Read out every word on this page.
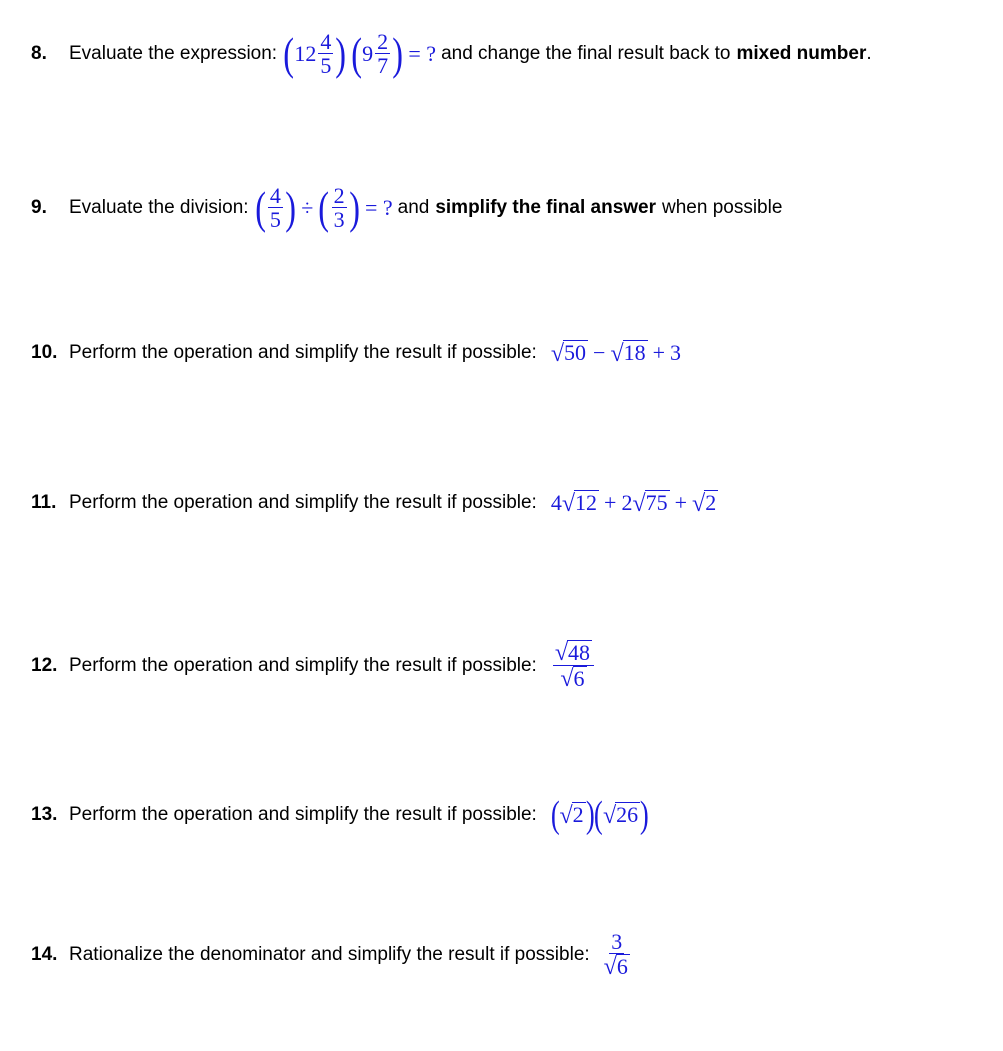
8.	Evaluate the expression: ( $12 \frac{4}{5}$ ) ( $9 \frac{2}{7}$ ) = ? and change the final result back to mixed number .
9.	Evaluate the division: ( $\frac{4}{5}$ ) ÷ ( $\frac{2}{3}$ ) = ? and simplify the final answer when possible
10. Perform the operation and simplify the result if possible: √ 50 − √ 18 + 3
11. Perform the operation and simplify the result if possible: 4 √ 12 + 2 √ 75 + √ 2
12. Perform the operation and simplify the result if possible: $\frac{√ 48}{√ 6}$
13. Perform the operation and simplify the result if possible: ( √ 2 ) ( √ 26 )
14. Rationalize the denominator and simplify the result if possible: $\frac{3}{√ 6}$
